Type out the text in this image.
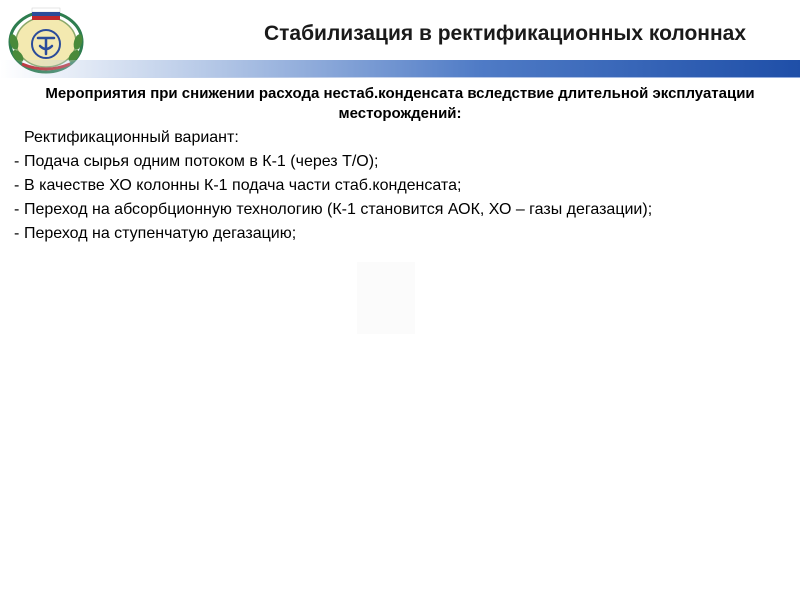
Стабилизация в ректификационных колоннах
Мероприятия при снижении расхода нестаб.конденсата вследствие длительной эксплуатации месторождений:
Ректификационный вариант:
- Подача сырья одним потоком в К-1 (через Т/О);
- В качестве ХО колонны К-1 подача части стаб.конденсата;
- Переход на абсорбционную технологию (К-1 становится АОК, ХО – газы дегазации);
- Переход на ступенчатую дегазацию;
